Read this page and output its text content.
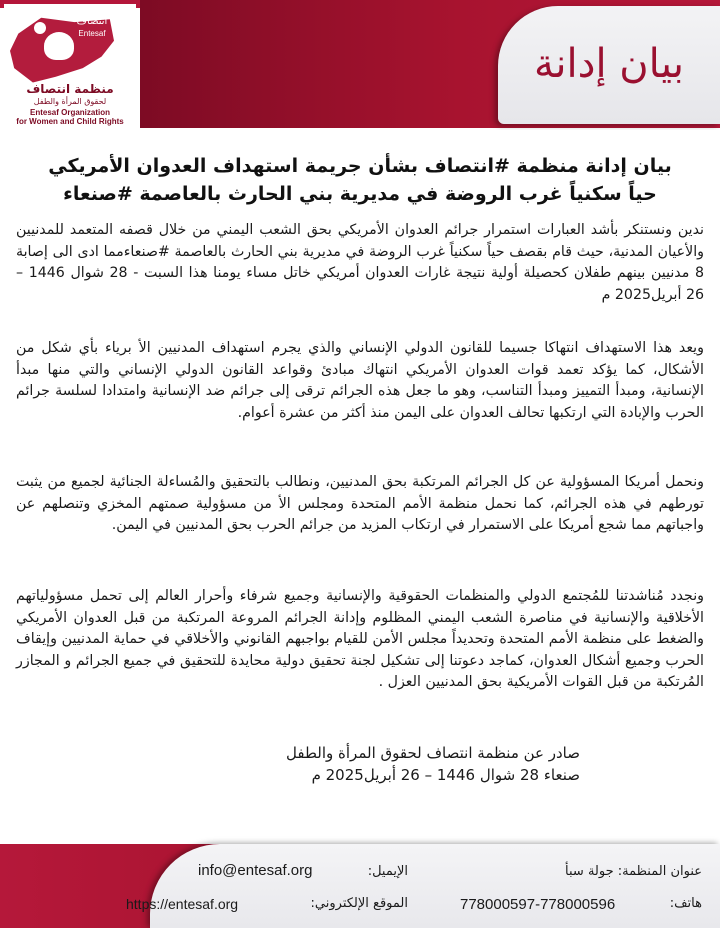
بيان إدانة
انتصاف
Entesaf
منظمة انتصاف
لحقوق المرأة والطفل
Entesaf Organization
for Women and Child Rights
بيان إدانة منظمة #انتصاف بشأن جريمة استهداف العدوان الأمريكي حياً سكنياً غرب الروضة في مديرية بني الحارث بالعاصمة #صنعاء
ندين ونستنكر بأشد العبارات استمرار جرائم العدوان الأمريكي بحق الشعب اليمني من خلال قصفه المتعمد للمدنيين والأعيان المدنية، حيث قام بقصف حياً سكنياً غرب الروضة في مديرية بني الحارث بالعاصمة #صنعاءمما ادى الى إصابة 8 مدنيين بينهم طفلان كحصيلة أولية نتيجة غارات العدوان أمريكي خاتل مساء يومنا هذا السبت - 28 شوال 1446 – 26 أبريل2025 م
ويعد هذا الاستهداف انتهاكا جسيما للقانون الدولي الإنساني والذي يجرم استهداف المدنيين الأ برياء بأي شكل من الأشكال، كما يؤكد تعمد قوات العدوان الأمريكي انتهاك مبادئ وقواعد القانون الدولي الإنساني والتي منها مبدأ الإنسانية، ومبدأ التمييز ومبدأ التناسب، وهو ما جعل هذه الجرائم ترقى إلى جرائم ضد الإنسانية وامتدادا لسلسة جرائم الحرب والإبادة التي ارتكبها تحالف العدوان على اليمن منذ أكثر من عشرة أعوام.
ونحمل أمريكا المسؤولية عن كل الجرائم المرتكبة بحق المدنيين، ونطالب بالتحقيق والمُساءلة الجنائية لجميع من يثبت تورطهم في هذه الجرائم، كما نحمل منظمة الأمم المتحدة ومجلس الأ من مسؤولية صمتهم المخزي وتنصلهم عن واجباتهم مما شجع أمريكا على الاستمرار في ارتكاب المزيد من جرائم الحرب بحق المدنيين في اليمن.
ونجدد مُناشدتنا للمُجتمع الدولي والمنظمات الحقوقية والإنسانية وجميع شرفاء وأحرار العالم إلى تحمل مسؤولياتهم الأخلاقية والإنسانية في مناصرة الشعب اليمني المظلوم وإدانة الجرائم المروعة المرتكبة من قبل العدوان الأمريكي والضغط على منظمة الأمم المتحدة وتحديداً مجلس الأمن للقيام بواجبهم القانوني والأخلاقي في حماية المدنيين وإيقاف الحرب وجميع أشكال العدوان، كماجد دعوتنا إلى تشكيل لجنة تحقيق دولية محايدة للتحقيق في جميع الجرائم و المجازر المُرتكبة من قبل القوات الأمريكية بحق المدنيين العزل .
صادر عن منظمة انتصاف لحقوق المرأة والطفل
صنعاء 28 شوال 1446 – 26 أبريل2025 م
عنوان المنظمة: جولة سبأ
هاتف:
778000597-778000596
الإيميل:
info@entesaf.org
الموقع الإلكتروني:
https://entesaf.org
